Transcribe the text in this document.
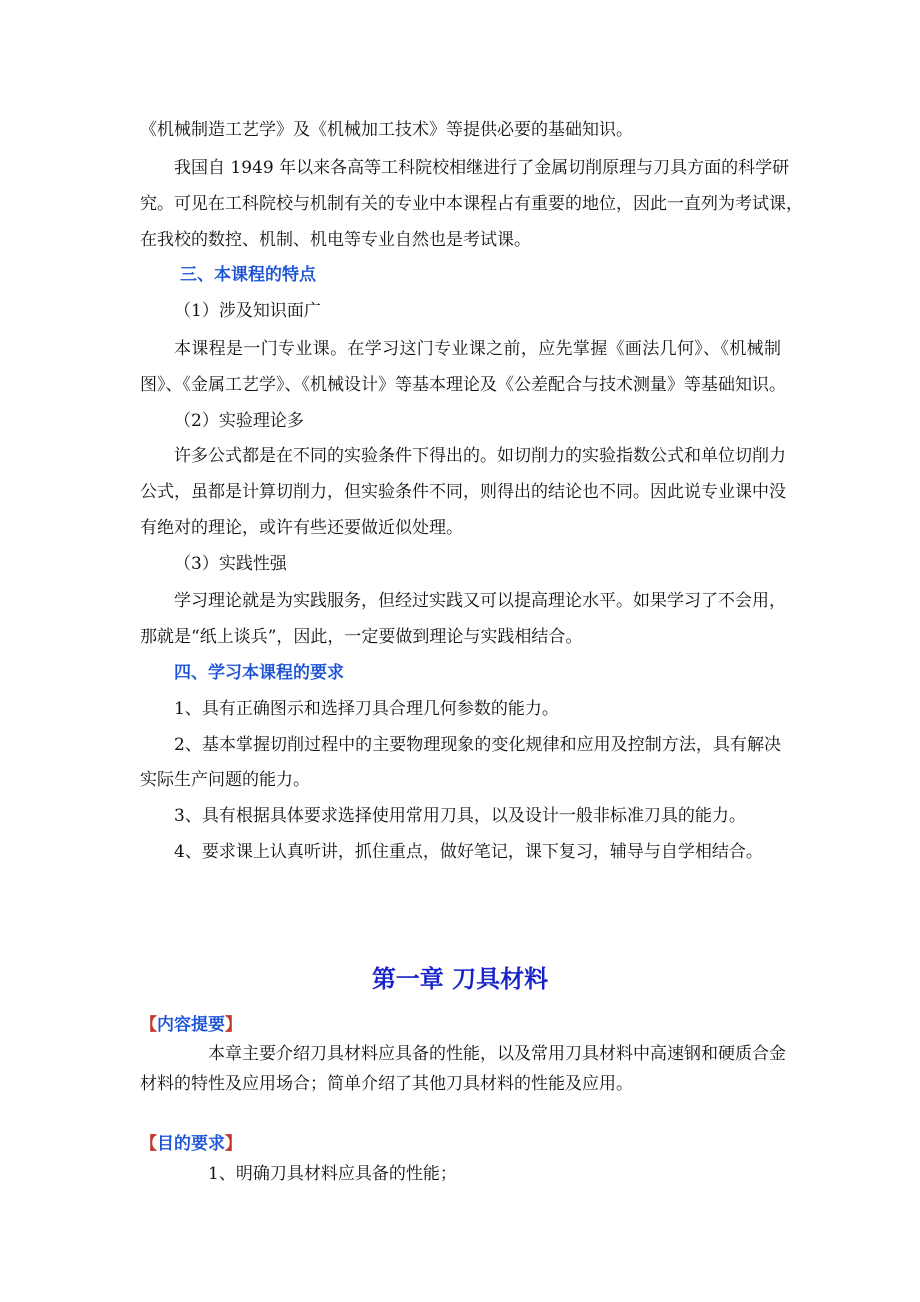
《机械制造工艺学》及《机械加工技术》等提供必要的基础知识。
我国自 1949 年以来各高等工科院校相继进行了金属切削原理与刀具方面的科学研
究。可见在工科院校与机制有关的专业中本课程占有重要的地位，因此一直列为考试课，
在我校的数控、机制、机电等专业自然也是考试课。
三、本课程的特点
（1）涉及知识面广
本课程是一门专业课。在学习这门专业课之前，应先掌握《画法几何》、《机械制
图》、《金属工艺学》、《机械设计》等基本理论及《公差配合与技术测量》等基础知识。
（2）实验理论多
许多公式都是在不同的实验条件下得出的。如切削力的实验指数公式和单位切削力
公式，虽都是计算切削力，但实验条件不同，则得出的结论也不同。因此说专业课中没
有绝对的理论，或许有些还要做近似处理。
（3）实践性强
学习理论就是为实践服务，但经过实践又可以提高理论水平。如果学习了不会用，
那就是“纸上谈兵”，因此，一定要做到理论与实践相结合。
四、学习本课程的要求
1、具有正确图示和选择刀具合理几何参数的能力。
2、基本掌握切削过程中的主要物理现象的变化规律和应用及控制方法，具有解决
实际生产问题的能力。
3、具有根据具体要求选择使用常用刀具，以及设计一般非标准刀具的能力。
4、要求课上认真听讲，抓住重点，做好笔记，课下复习，辅导与自学相结合。
第一章 刀具材料
【内容提要】
本章主要介绍刀具材料应具备的性能，以及常用刀具材料中高速钢和硬质合金
材料的特性及应用场合；简单介绍了其他刀具材料的性能及应用。
【目的要求】
1、明确刀具材料应具备的性能；
